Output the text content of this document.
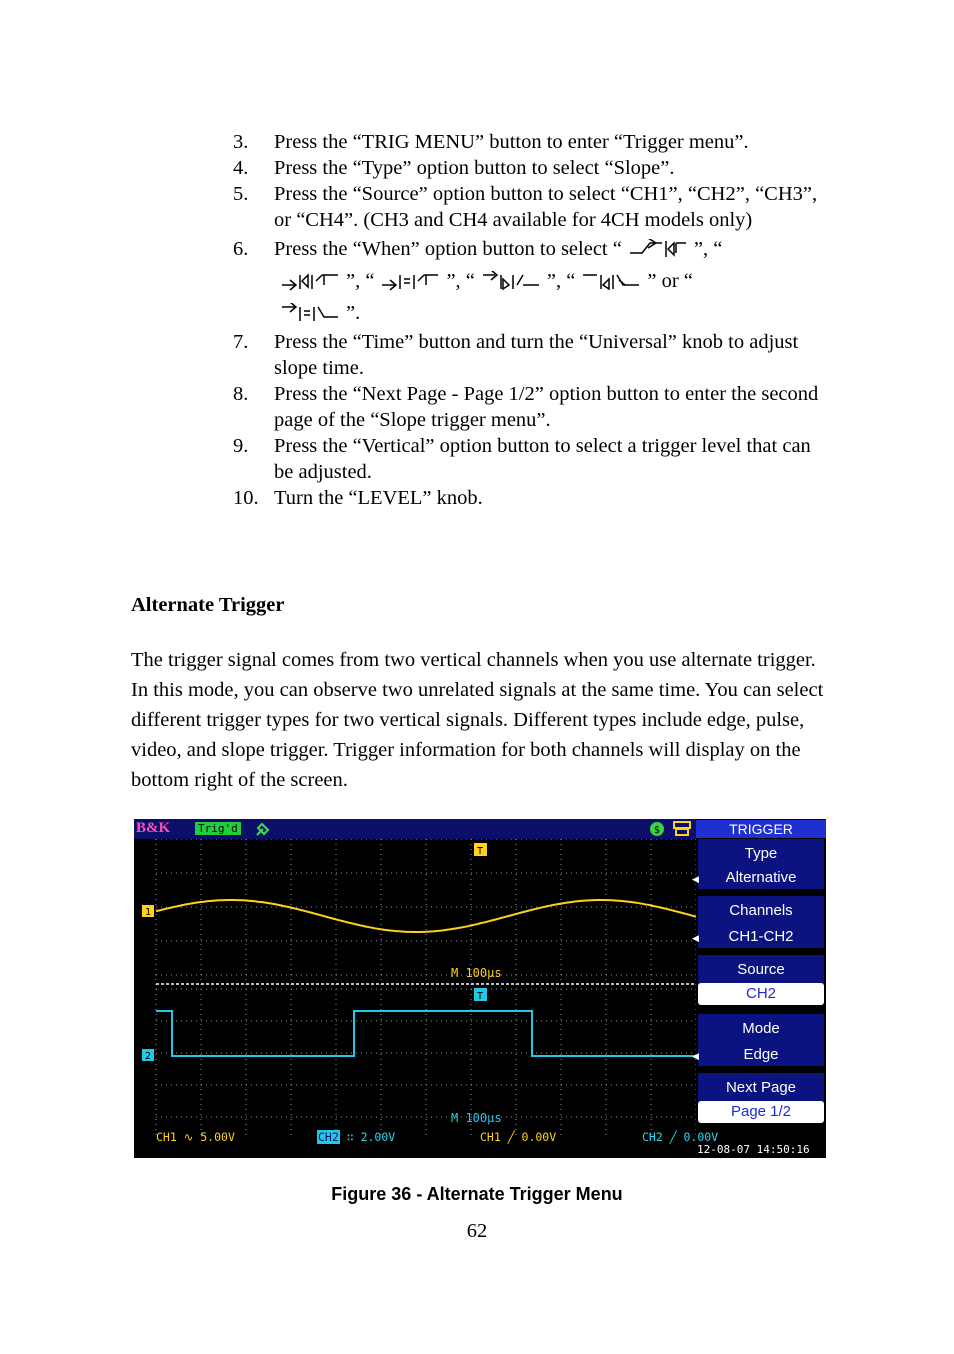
3. Press the “TRIG MENU” button to enter “Trigger menu”.
4. Press the “Type” option button to select “Slope”.
5. Press the “Source” option button to select “CH1”, “CH2”, “CH3”, or “CH4”. (CH3 and CH4 available for 4CH models only)
6. Press the “When” option button to select “	”, “
”, “	”, “	”, “	” or “
”.
7. Press the “Time” button and turn the “Universal” knob to adjust slope time.
8. Press the “Next Page - Page 1/2” option button to enter the second page of the “Slope trigger menu”.
9. Press the “Vertical” option button to select a trigger level that can be adjusted.
10. Turn the “LEVEL” knob.
Alternate Trigger
The trigger signal comes from two vertical channels when you use alternate trigger. In this mode, you can observe two unrelated signals at the same time. You can select different trigger types for two vertical signals. Different types include edge, pulse, video, and slope trigger. Trigger information for both channels will display on the bottom right of the screen.
B&K	Trig'd	$
1
2
T
T
M 100μs
M 100μs
TRIGGER
Type
Alternative
◀
Channels
CH1-CH2
◀
Source
CH2
Mode
Edge
◀
Next Page
Page 1/2
CH1 ∿ 5.00V	CH2 ∷ 2.00V	CH1 ╱ 0.00V	CH2 ╱ 0.00V
12-08-07 14:50:16
Figure 36 - Alternate Trigger Menu
62
